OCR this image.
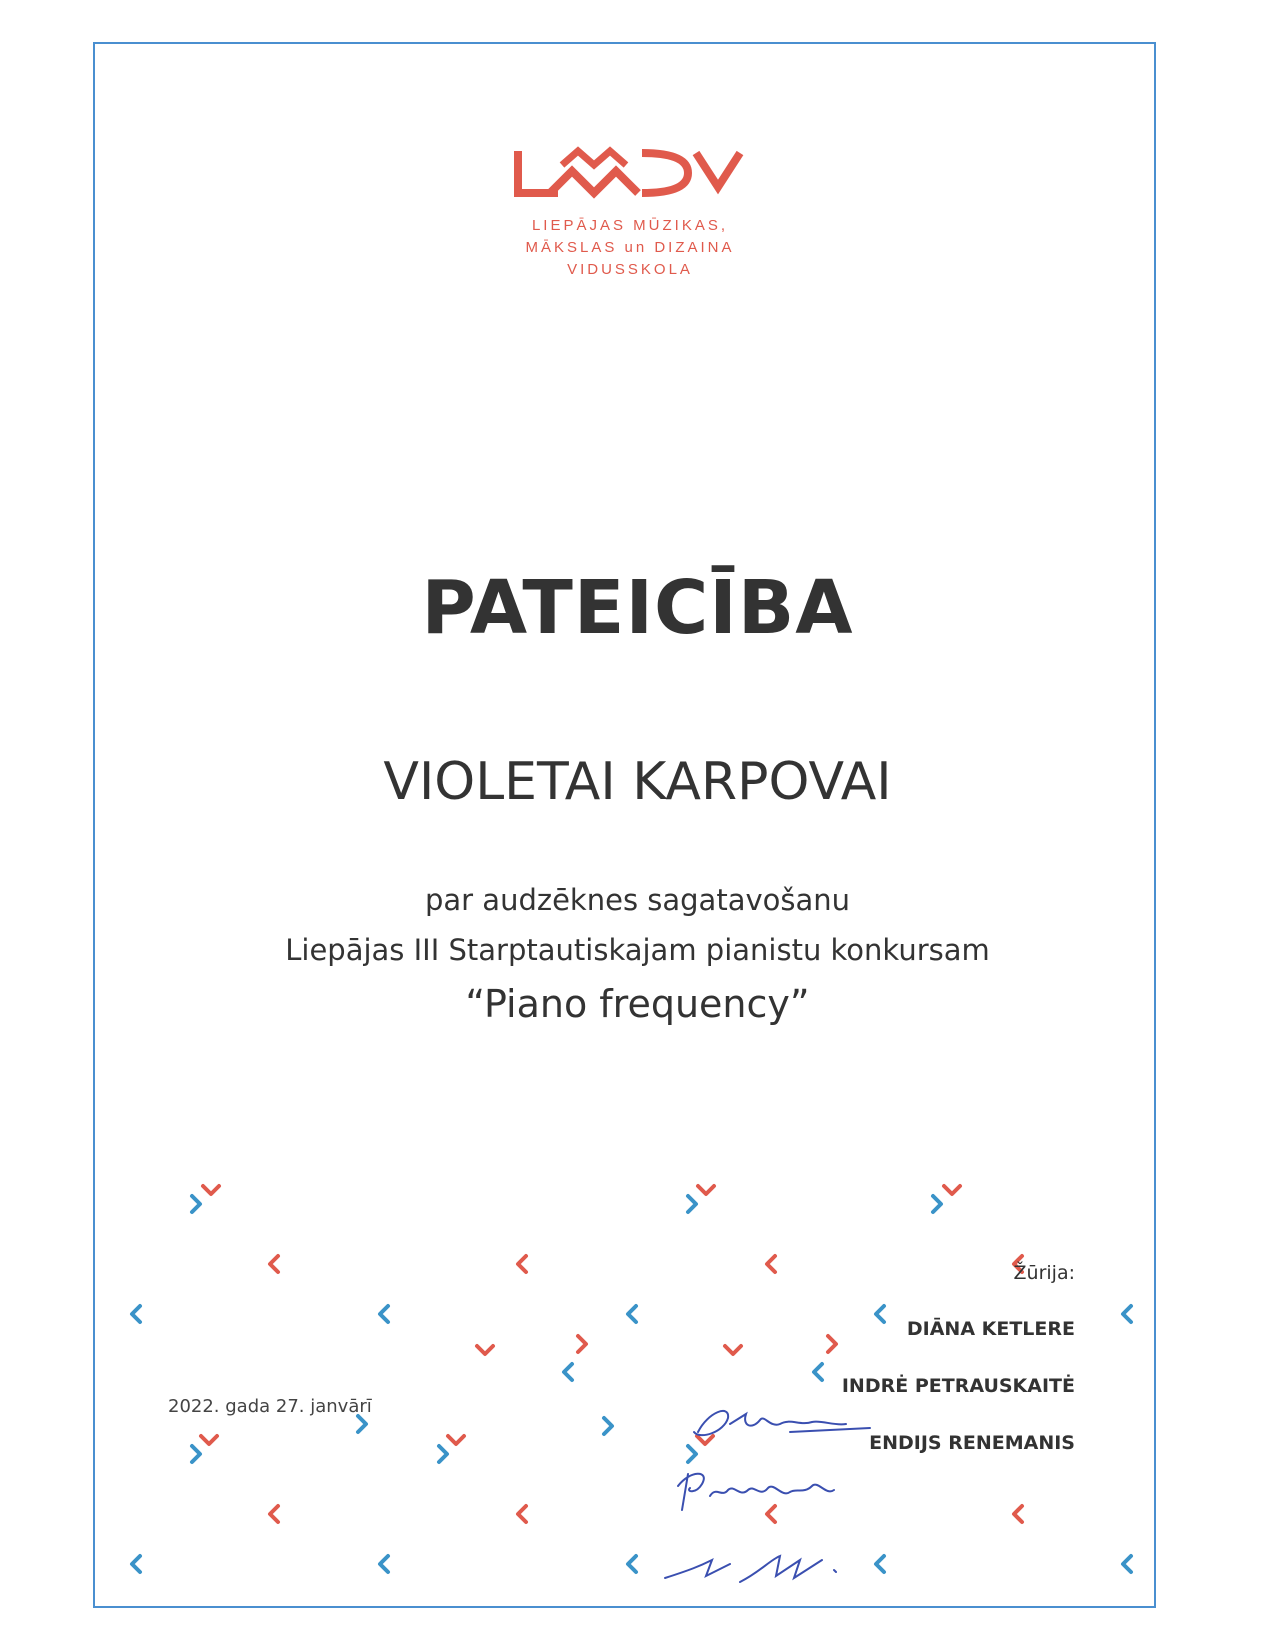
LIEPĀJAS MŪZIKAS,
MĀKSLAS un DIZAINA
VIDUSSKOLA
PATEICĪBA
VIOLETAI KARPOVAI
par audzēknes sagatavošanu
Liepājas III Starptautiskajam pianistu konkursam
“Piano frequency”
2022. gada 27. janvārī
Žūrija:
DIĀNA KETLERE
INDRĖ PETRAUSKAITĖ
ENDIJS RENEMANIS
